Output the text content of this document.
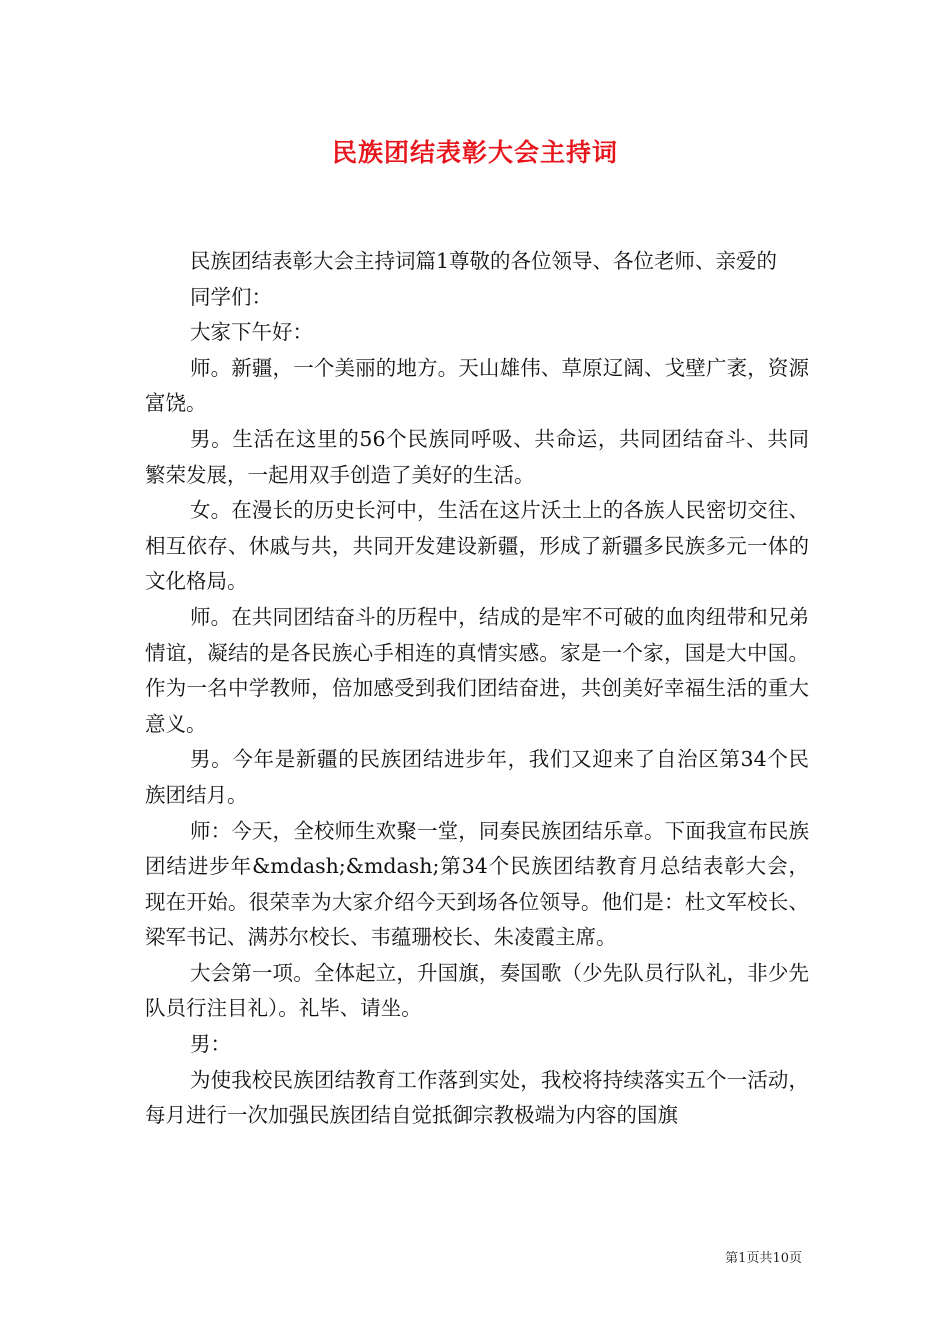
民族团结表彰大会主持词

民族团结表彰大会主持词篇1尊敬的各位领导、各位老师、亲爱的

同学们：

大家下午好：

师。新疆，一个美丽的地方。天山雄伟、草原辽阔、戈壁广袤，资源富饶。

男。生活在这里的56个民族同呼吸、共命运，共同团结奋斗、共同繁荣发展，一起用双手创造了美好的生活。

女。在漫长的历史长河中，生活在这片沃土上的各族人民密切交往、相互依存、休戚与共，共同开发建设新疆，形成了新疆多民族多元一体的文化格局。

师。在共同团结奋斗的历程中，结成的是牢不可破的血肉纽带和兄弟情谊，凝结的是各民族心手相连的真情实感。家是一个家，国是大中国。作为一名中学教师，倍加感受到我们团结奋进，共创美好幸福生活的重大意义。

男。今年是新疆的民族团结进步年，我们又迎来了自治区第34个民族团结月。

师：今天，全校师生欢聚一堂，同奏民族团结乐章。下面我宣布民族团结进步年&mdash;&mdash;第34个民族团结教育月总结表彰大会，现在开始。很荣幸为大家介绍今天到场各位领导。他们是：杜文军校长、梁军书记、满苏尔校长、韦蕴珊校长、朱凌霞主席。

大会第一项。全体起立，升国旗，奏国歌（少先队员行队礼，非少先队员行注目礼）。礼毕、请坐。

男：

为使我校民族团结教育工作落到实处，我校将持续落实五个一活动，每月进行一次加强民族团结自觉抵御宗教极端为内容的国旗

第1页共10页
